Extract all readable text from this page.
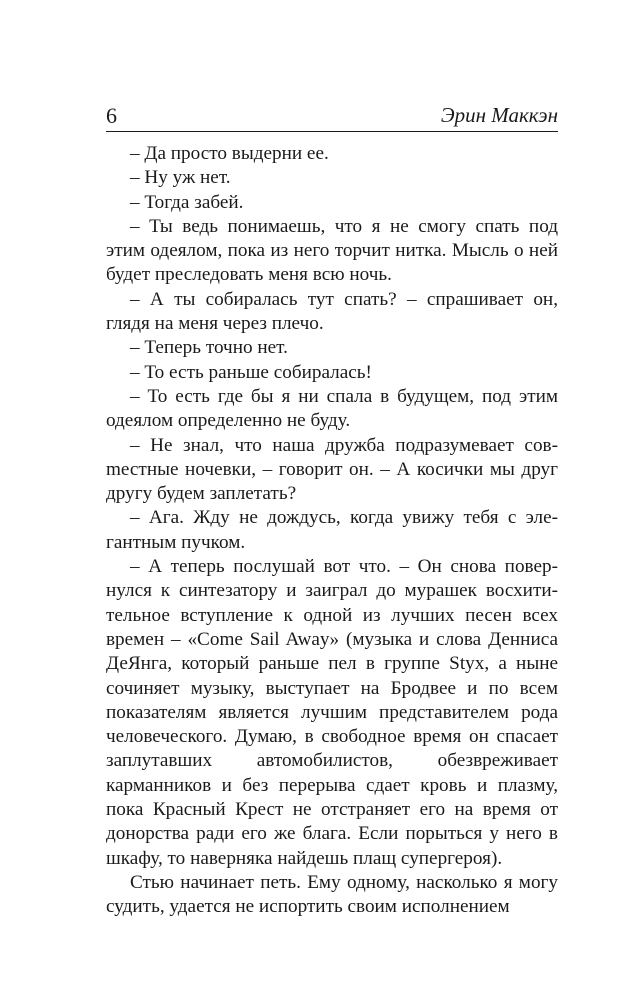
6	Эрин Маккэн

– Да просто выдерни ее.

– Ну уж нет.

– Тогда забей.

– Ты ведь понимаешь, что я не смогу спать под этим одеялом, пока из него торчит нитка. Мысль о ней будет преследовать меня всю ночь.

– А ты собиралась тут спать? – спрашивает он, глядя на меня через плечо.

– Теперь точно нет.

– То есть раньше собиралась!

– То есть где бы я ни спала в будущем, под этим одеялом определенно не буду.

– Не знал, что наша дружба подразумевает совmестные ночевки, – говорит он. – А косички мы друг другу будем заплетать?

– Ага. Жду не дождусь, когда увижу тебя с элегантным пучком.

– А теперь послушай вот что. – Он снова повернулся к синтезатору и заиграл до мурашек восхитительное вступление к одной из лучших песен всех времен – «Come Sail Away» (музыка и слова Денниса ДеЯнга, который раньше пел в группе Styx, а ныне сочиняет музыку, выступает на Бродвее и по всем показателям является лучшим представителем рода человеческого. Думаю, в свободное время он спасает заплутавших автомобилистов, обезвреживает карманников и без перерыва сдает кровь и плазму, пока Красный Крест не отстраняет его на время от донорства ради его же блага. Если порыться у него в шкафу, то наверняка найдешь плащ супергероя).

Стью начинает петь. Ему одному, насколько я могу судить, удается не испортить своим исполнением
